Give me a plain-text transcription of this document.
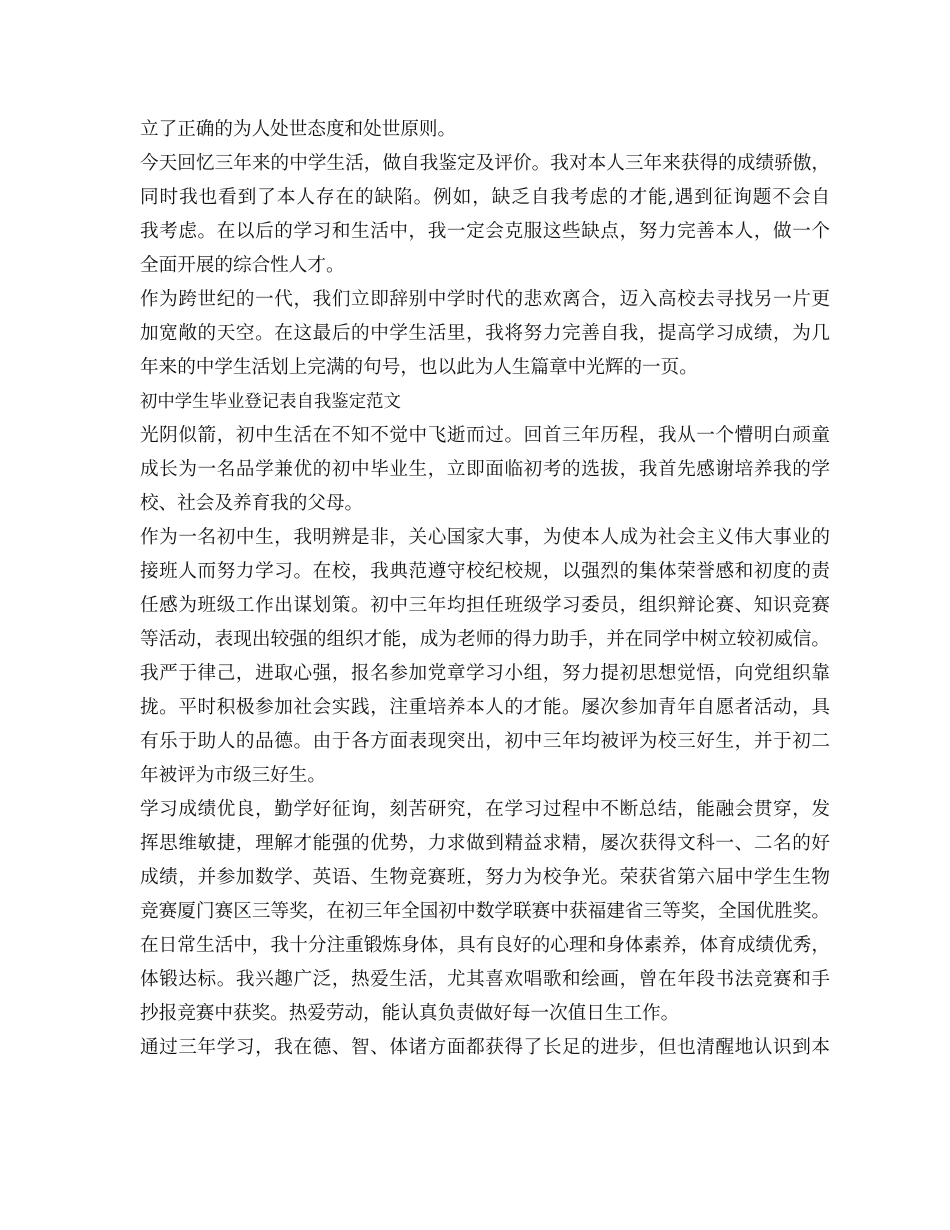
立了正确的为人处世态度和处世原则。
今天回忆三年来的中学生活，做自我鉴定及评价。我对本人三年来获得的成绩骄傲，
同时我也看到了本人存在的缺陷。例如，缺乏自我考虑的才能,遇到征询题不会自
我考虑。在以后的学习和生活中，我一定会克服这些缺点，努力完善本人，做一个
全面开展的综合性人才。
作为跨世纪的一代，我们立即辞别中学时代的悲欢离合，迈入高校去寻找另一片更
加宽敞的天空。在这最后的中学生活里，我将努力完善自我，提高学习成绩，为几
年来的中学生活划上完满的句号，也以此为人生篇章中光辉的一页。
初中学生毕业登记表自我鉴定范文
光阴似箭，初中生活在不知不觉中飞逝而过。回首三年历程，我从一个懵明白顽童
成长为一名品学兼优的初中毕业生，立即面临初考的选拔，我首先感谢培养我的学
校、社会及养育我的父母。
作为一名初中生，我明辨是非，关心国家大事，为使本人成为社会主义伟大事业的
接班人而努力学习。在校，我典范遵守校纪校规，以强烈的集体荣誉感和初度的责
任感为班级工作出谋划策。初中三年均担任班级学习委员，组织辩论赛、知识竞赛
等活动，表现出较强的组织才能，成为老师的得力助手，并在同学中树立较初威信。
我严于律己，进取心强，报名参加党章学习小组，努力提初思想觉悟，向党组织靠
拢。平时积极参加社会实践，注重培养本人的才能。屡次参加青年自愿者活动，具
有乐于助人的品德。由于各方面表现突出，初中三年均被评为校三好生，并于初二
年被评为市级三好生。
学习成绩优良，勤学好征询，刻苦研究，在学习过程中不断总结，能融会贯穿，发
挥思维敏捷，理解才能强的优势，力求做到精益求精，屡次获得文科一、二名的好
成绩，并参加数学、英语、生物竞赛班，努力为校争光。荣获省第六届中学生生物
竞赛厦门赛区三等奖，在初三年全国初中数学联赛中获福建省三等奖，全国优胜奖。
在日常生活中，我十分注重锻炼身体，具有良好的心理和身体素养，体育成绩优秀，
体锻达标。我兴趣广泛，热爱生活，尤其喜欢唱歌和绘画，曾在年段书法竞赛和手
抄报竞赛中获奖。热爱劳动，能认真负责做好每一次值日生工作。
通过三年学习，我在德、智、体诸方面都获得了长足的进步，但也清醒地认识到本
